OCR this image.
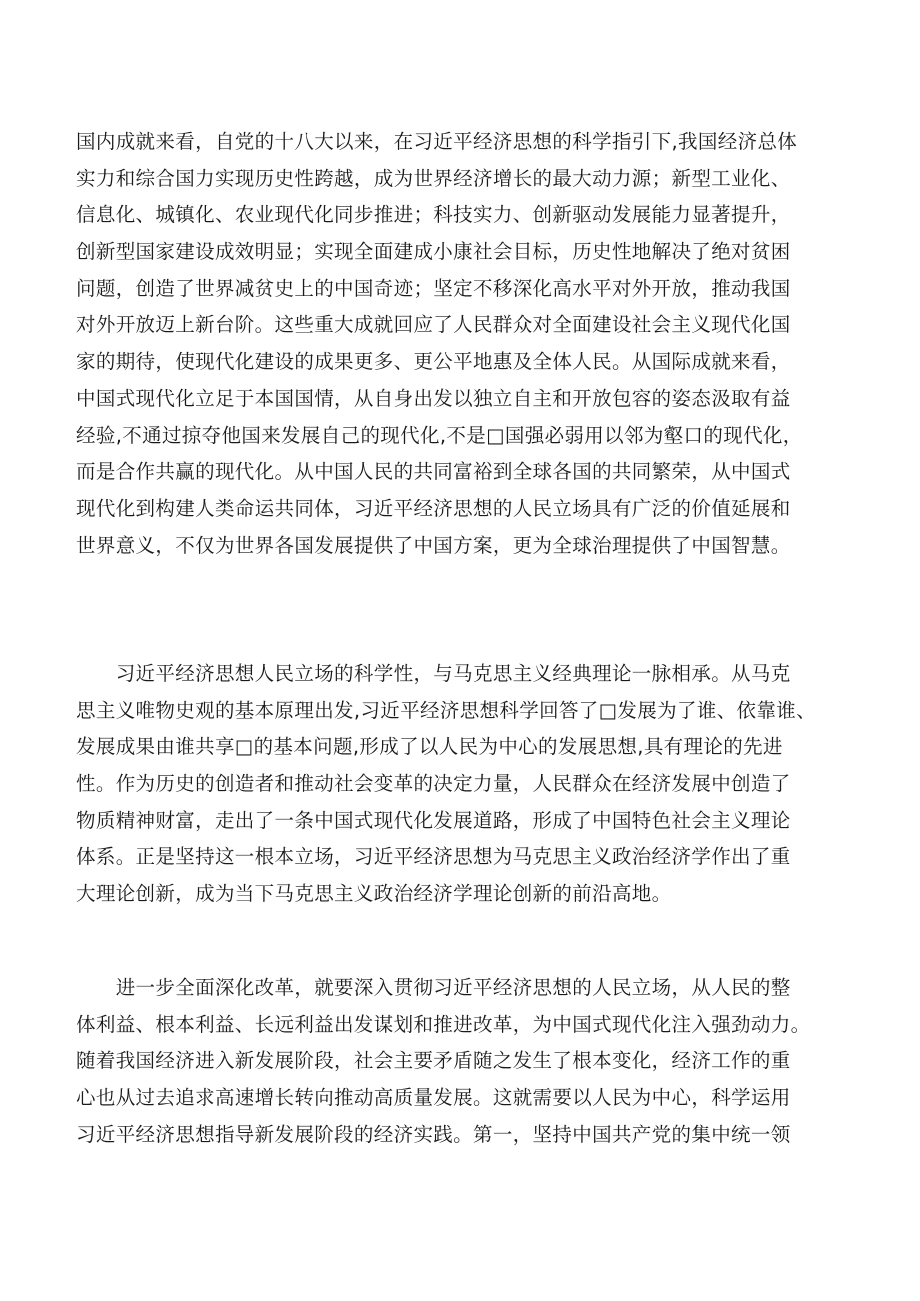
国内成就来看，自党的十八大以来，在习近平经济思想的科学指引下,我国经济总体
实力和综合国力实现历史性跨越，成为世界经济增长的最大动力源；新型工业化、
信息化、城镇化、农业现代化同步推进；科技实力、创新驱动发展能力显著提升，
创新型国家建设成效明显；实现全面建成小康社会目标，历史性地解决了绝对贫困
问题，创造了世界减贫史上的中国奇迹；坚定不移深化高水平对外开放，推动我国
对外开放迈上新台阶。这些重大成就回应了人民群众对全面建设社会主义现代化国
家的期待，使现代化建设的成果更多、更公平地惠及全体人民。从国际成就来看，
中国式现代化立足于本国国情，从自身出发以独立自主和开放包容的姿态汲取有益
经验,不通过掠夺他国来发展自己的现代化,不是□国强必弱用以邻为壑口的现代化，
而是合作共赢的现代化。从中国人民的共同富裕到全球各国的共同繁荣，从中国式
现代化到构建人类命运共同体，习近平经济思想的人民立场具有广泛的价值延展和
世界意义，不仅为世界各国发展提供了中国方案，更为全球治理提供了中国智慧。
　　习近平经济思想人民立场的科学性，与马克思主义经典理论一脉相承。从马克
思主义唯物史观的基本原理出发,习近平经济思想科学回答了□发展为了谁、依靠谁、
发展成果由谁共享□的基本问题,形成了以人民为中心的发展思想,具有理论的先进
性。作为历史的创造者和推动社会变革的决定力量，人民群众在经济发展中创造了
物质精神财富，走出了一条中国式现代化发展道路，形成了中国特色社会主义理论
体系。正是坚持这一根本立场，习近平经济思想为马克思主义政治经济学作出了重
大理论创新，成为当下马克思主义政治经济学理论创新的前沿高地。
　　进一步全面深化改革，就要深入贯彻习近平经济思想的人民立场，从人民的整
体利益、根本利益、长远利益出发谋划和推进改革，为中国式现代化注入强劲动力。
随着我国经济进入新发展阶段，社会主要矛盾随之发生了根本变化，经济工作的重
心也从过去追求高速增长转向推动高质量发展。这就需要以人民为中心，科学运用
习近平经济思想指导新发展阶段的经济实践。第一，坚持中国共产党的集中统一领
